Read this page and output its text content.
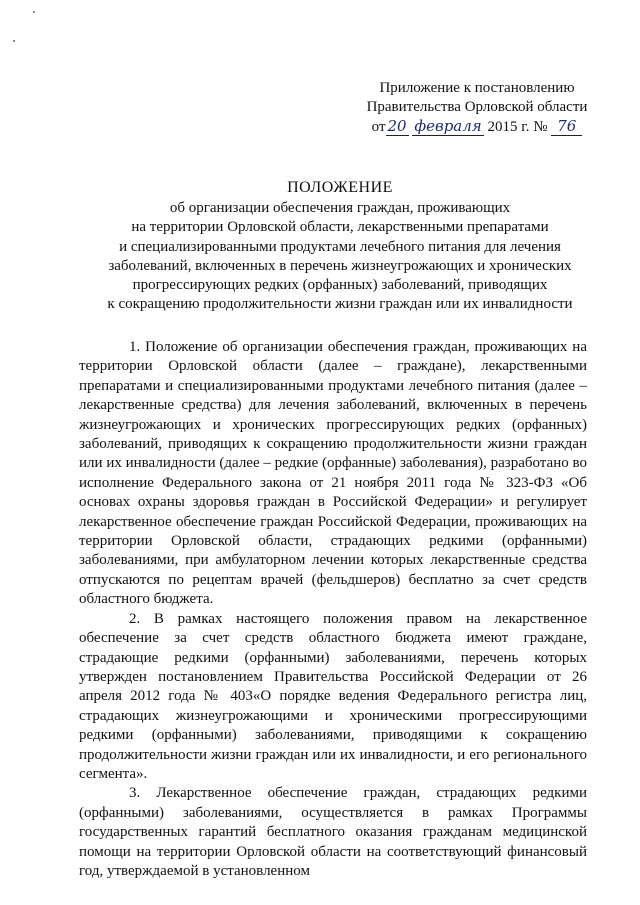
Приложение к постановлению
Правительства Орловской области
от 20 февраля 2015 г. № 76
ПОЛОЖЕНИЕ
об организации обеспечения граждан, проживающих
на территории Орловской области, лекарственными препаратами
и специализированными продуктами лечебного питания для лечения
заболеваний, включенных в перечень жизнеугрожающих и хронических
прогрессирующих редких (орфанных) заболеваний, приводящих
к сокращению продолжительности жизни граждан или их инвалидности

1. Положение об организации обеспечения граждан, проживающих на территории Орловской области (далее – граждане), лекарственными препаратами и специализированными продуктами лечебного питания (далее – лекарственные средства) для лечения заболеваний, включенных в перечень жизнеугрожающих и хронических прогрессирующих редких (орфанных) заболеваний, приводящих к сокращению продолжительности жизни граждан или их инвалидности (далее – редкие (орфанные) заболевания), разработано во исполнение Федерального закона от 21 ноября 2011 года № 323-ФЗ «Об основах охраны здоровья граждан в Российской Федерации» и регулирует лекарственное обеспечение граждан Российской Федерации, проживающих на территории Орловской области, страдающих редкими (орфанными) заболеваниями, при амбулаторном лечении которых лекарственные средства отпускаются по рецептам врачей (фельдшеров) бесплатно за счет средств областного бюджета.

2. В рамках настоящего положения правом на лекарственное обеспечение за счет средств областного бюджета имеют граждане, страдающие редкими (орфанными) заболеваниями, перечень которых утвержден постановлением Правительства Российской Федерации от 26 апреля 2012 года № 403«О порядке ведения Федерального регистра лиц, страдающих жизнеугрожающими и хроническими прогрессирующими редкими (орфанными) заболеваниями, приводящими к сокращению продолжительности жизни граждан или их инвалидности, и его регионального сегмента».

3. Лекарственное обеспечение граждан, страдающих редкими (орфанными) заболеваниями, осуществляется в рамках Программы государственных гарантий бесплатного оказания гражданам медицинской помощи на территории Орловской области на соответствующий финансовый год, утверждаемой в установленном
